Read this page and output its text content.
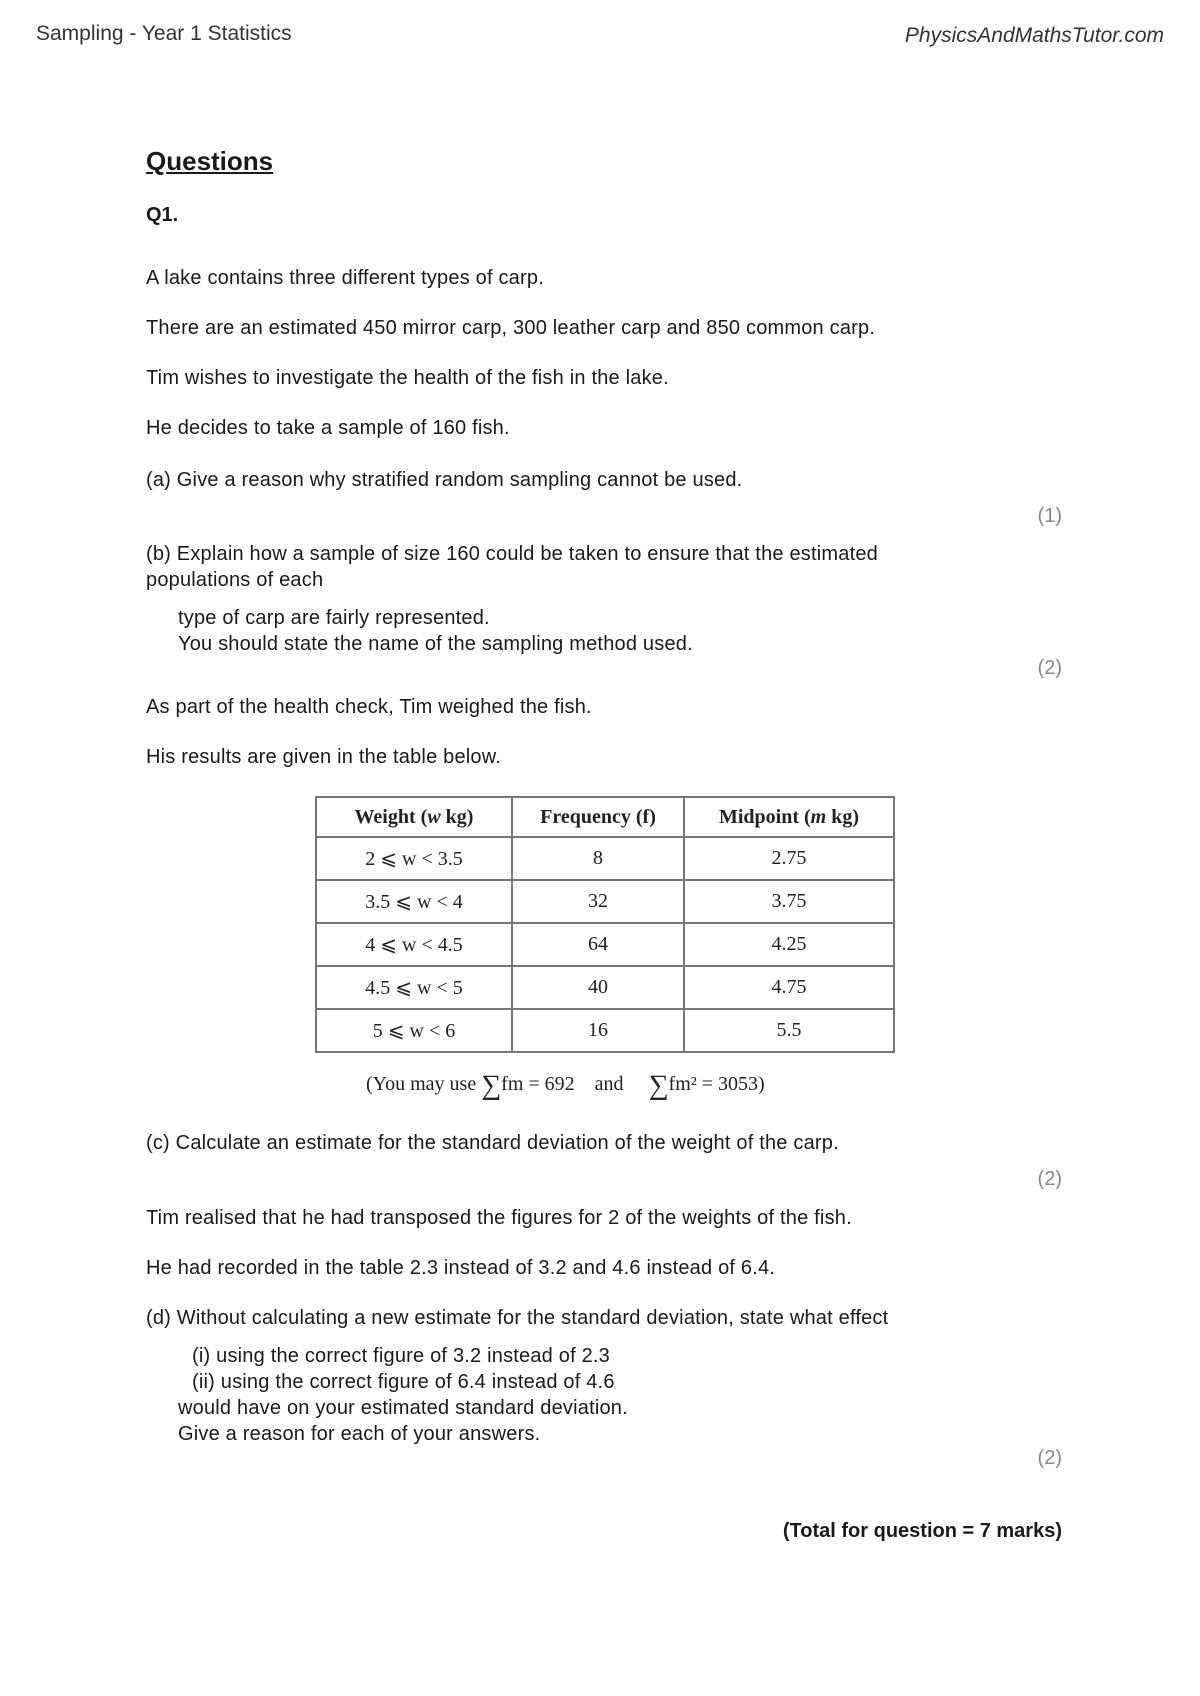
Sampling - Year 1 Statistics	PhysicsAndMathsTutor.com
Questions
Q1.
A lake contains three different types of carp.
There are an estimated 450 mirror carp, 300 leather carp and 850 common carp.
Tim wishes to investigate the health of the fish in the lake.
He decides to take a sample of 160 fish.
(a) Give a reason why stratified random sampling cannot be used.
(1)
(b) Explain how a sample of size 160 could be taken to ensure that the estimated
populations of each
type of carp are fairly represented.
You should state the name of the sampling method used.
(2)
As part of the health check, Tim weighed the fish.
His results are given in the table below.
Weight (w kg)	Frequency (f)	Midpoint (m kg)
2 ⩽ w < 3.5	8	2.75
3.5 ⩽ w < 4	32	3.75
4 ⩽ w < 4.5	64	4.25
4.5 ⩽ w < 5	40	4.75
5 ⩽ w < 6	16	5.5
(You may use ∑fm = 692 and ∑fm² = 3053)
(c) Calculate an estimate for the standard deviation of the weight of the carp.
(2)
Tim realised that he had transposed the figures for 2 of the weights of the fish.
He had recorded in the table 2.3 instead of 3.2 and 4.6 instead of 6.4.
(d) Without calculating a new estimate for the standard deviation, state what effect
(i) using the correct figure of 3.2 instead of 2.3
(ii) using the correct figure of 6.4 instead of 4.6
would have on your estimated standard deviation.
Give a reason for each of your answers.
(2)
(Total for question = 7 marks)
